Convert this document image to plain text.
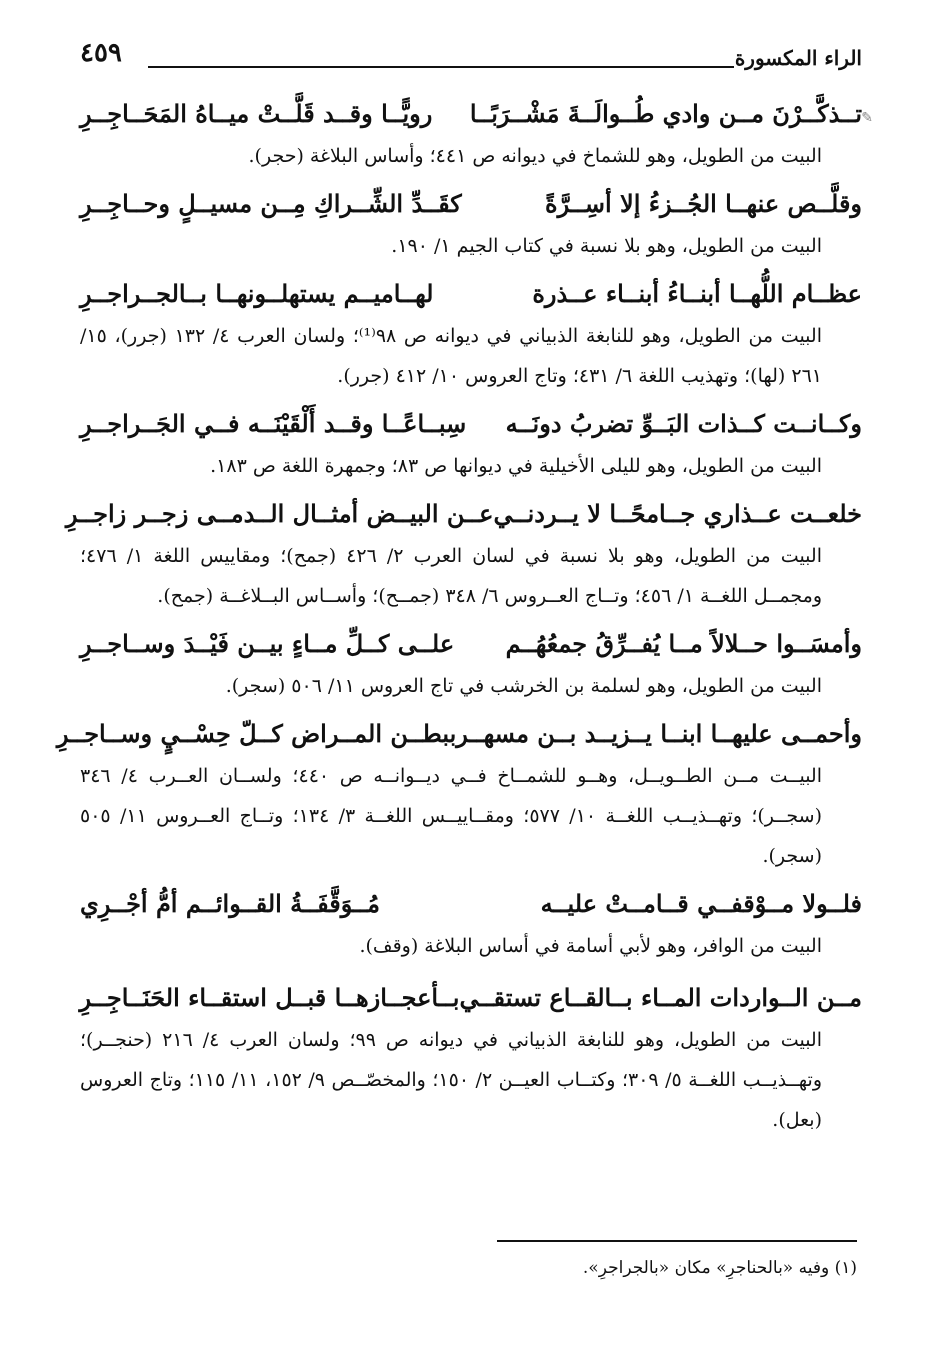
الراء المكسورة
٤٥٩
✎
تــذكَّــرْنَ مــن وادي طُــوالَــةَ مَشْــرَبًــا
رويًّــا وقــد قَلَّــتْ ميــاهُ المَحَــاجِــرِ
البيت من الطويل، وهو للشماخ في ديوانه ص ٤٤١؛ وأساس البلاغة (حجر).
وقلَّــص عنهــا الجُــزءُ إلا أسِــرَّةً
كقَــدِّ الشِّــراكِ مِــن مسيــلٍ وحــاجِــرِ
البيت من الطويل، وهو بلا نسبة في كتاب الجيم ١/ ١٩٠.
عظــام اللُّهــا أبنــاءُ أبنــاء عــذرة
لهــاميــم يستهلــونهــا بــالجــراجــرِ
البيت من الطويل، وهو للنابغة الذبياني في ديوانه ص ٩٨⁽¹⁾؛ ولسان العرب ٤/ ١٣٢ (جرر)، ١٥/ ٢٦١ (لها)؛ وتهذيب اللغة ٦/ ٤٣١؛ وتاج العروس ١٠/ ٤١٢ (جرر).
وكــانــت كــذات البَــوِّ تضربُ دونَــه
سِبــاعًــا وقــد أَلْقَيْنَــه فــي الجَــراجــرِ
البيت من الطويل، وهو لليلى الأخيلية في ديوانها ص ٨٣؛ وجمهرة اللغة ص ١٨٣.
خلعــت عــذاري جــامحًــا لا يــردنــي
عــن البيــض أمثــال الــدمــى زجــر زاجــرِ
البيت من الطويل، وهو بلا نسبة في لسان العرب ٢/ ٤٢٦ (جمح)؛ ومقاييس اللغة ١/ ٤٧٦؛ ومجمــل اللغــة ١/ ٤٥٦؛ وتــاج العــروس ٦/ ٣٤٨ (جمــح)؛ وأســاس البــلاغــة (جمح).
وأمسَــوا حــلالاً مــا يُفــرِّقُ جمعُهُــم
علــى كــلِّ مــاءٍ بيــن فَيْــدَ وســاجــرِ
البيت من الطويل، وهو لسلمة بن الخرشب في تاج العروس ١١/ ٥٠٦ (سجر).
وأحمــى عليهــا ابنــا يــزيــد بــن مسهــر
ببطــن المــراض كــلّ حِسْــيٍ وســاجــرِ
البيــت مــن الطــويــل، وهــو للشمــاخ فــي ديــوانــه ص ٤٤٠؛ ولســان العــرب ٤/ ٣٤٦ (سجــر)؛ وتهــذيــب اللغــة ١٠/ ٥٧٧؛ ومقــاييــس اللغــة ٣/ ١٣٤؛ وتــاج العــروس ١١/ ٥٠٥ (سجر).
فلــولا مــوْقفــي قــامــتْ عليــه
مُــوَقَّفَــةُ القــوائــم أمُّ أجْــرِي
البيت من الوافر، وهو لأبي أسامة في أساس البلاغة (وقف).
مــن الــواردات المــاء بــالقــاع تستقــي
بــأعجــازهــا قبــل استقــاء الحَنَــاجِــرِ
البيت من الطويل، وهو للنابغة الذبياني في ديوانه ص ٩٩؛ ولسان العرب ٤/ ٢١٦ (حنجــر)؛ وتهــذيــب اللغــة ٥/ ٣٠٩؛ وكتــاب العيــن ٢/ ١٥٠؛ والمخصّــص ٩/ ١٥٢، ١١/ ١١٥؛ وتاج العروس (بعل).
(١) وفيه «بالحناجرِ» مكان «بالجراجرِ».
